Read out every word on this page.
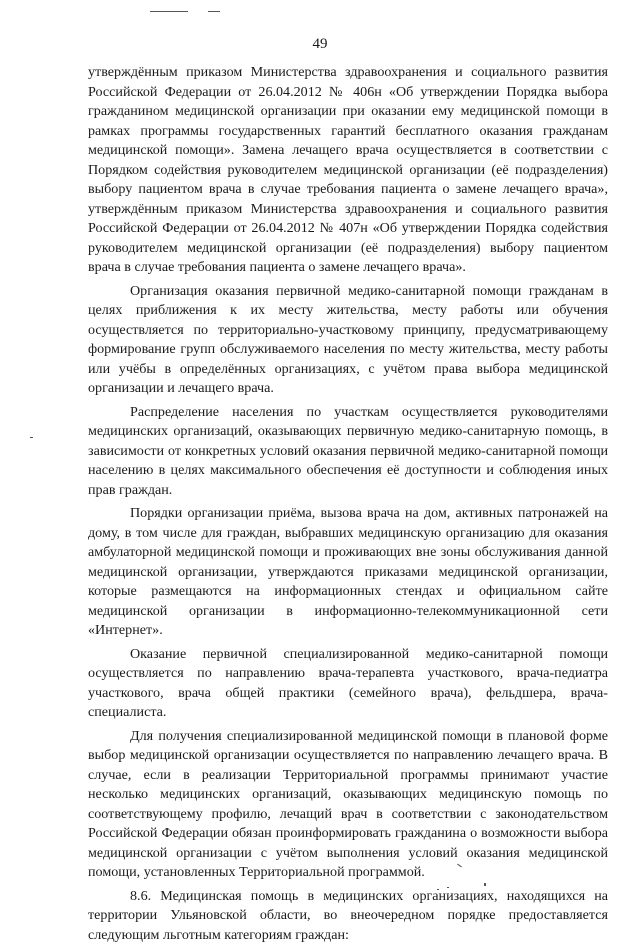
49

утверждённым приказом Министерства здравоохранения и социального развития Российской Федерации от 26.04.2012 № 406н «Об утверждении Порядка выбора гражданином медицинской организации при оказании ему медицинской помощи в рамках программы государственных гарантий бесплатного оказания гражданам медицинской помощи». Замена лечащего врача осуществляется в соответствии с Порядком содействия руководителем медицинской организации (её подразделения) выбору пациентом врача в случае требования пациента о замене лечащего врача», утверждённым приказом Министерства здравоохранения и социального развития Российской Федерации от 26.04.2012 № 407н «Об утверждении Порядка содействия руководителем медицинской организации (её подразделения) выбору пациентом врача в случае требования пациента о замене лечащего врача».

Организация оказания первичной медико-санитарной помощи гражданам в целях приближения к их месту жительства, месту работы или обучения осуществляется по территориально-участковому принципу, предусматривающему формирование групп обслуживаемого населения по месту жительства, месту работы или учёбы в определённых организациях, с учётом права выбора медицинской организации и лечащего врача.

Распределение населения по участкам осуществляется руководителями медицинских организаций, оказывающих первичную медико-санитарную помощь, в зависимости от конкретных условий оказания первичной медико-санитарной помощи населению в целях максимального обеспечения её доступности и соблюдения иных прав граждан.

Порядки организации приёма, вызова врача на дом, активных патронажей на дому, в том числе для граждан, выбравших медицинскую организацию для оказания амбулаторной медицинской помощи и проживающих вне зоны обслуживания данной медицинской организации, утверждаются приказами медицинской организации, которые размещаются на информационных стендах и официальном сайте медицинской организации в информационно-телекоммуникационной сети «Интернет».

Оказание первичной специализированной медико-санитарной помощи осуществляется по направлению врача-терапевта участкового, врача-педиатра участкового, врача общей практики (семейного врача), фельдшера, врача-специалиста.

Для получения специализированной медицинской помощи в плановой форме выбор медицинской организации осуществляется по направлению лечащего врача. В случае, если в реализации Территориальной программы принимают участие несколько медицинских организаций, оказывающих медицинскую помощь по соответствующему профилю, лечащий врач в соответствии с законодательством Российской Федерации обязан проинформировать гражданина о возможности выбора медицинской организации с учётом выполнения условий оказания медицинской помощи, установленных Территориальной программой.

8.6. Медицинская помощь в медицинских организациях, находящихся на территории Ульяновской области, во внеочередном порядке предоставляется следующим льготным категориям граждан:
